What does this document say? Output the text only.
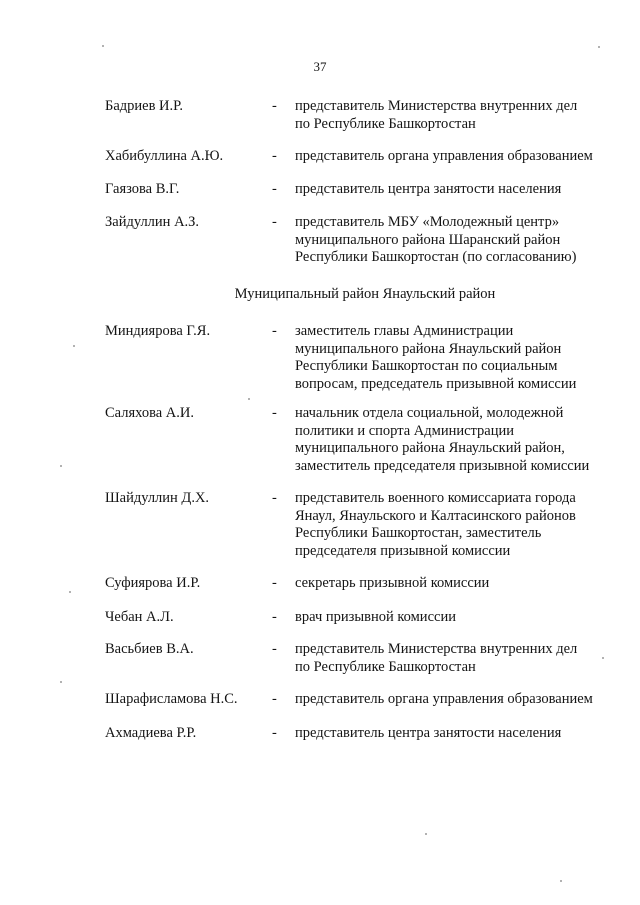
37
Бадриев И.Р.	- представитель Министерства внутренних дел
по Республике Башкортостан
Хабибуллина А.Ю.	- представитель органа управления образованием
Гаязова В.Г.	- представитель центра занятости населения
Зайдуллин А.З.	- представитель МБУ «Молодежный центр»
муниципального района Шаранский район
Республики Башкортостан (по согласованию)
Муниципальный район Янаульский район
Миндиярова Г.Я.	- заместитель главы Администрации
муниципального района Янаульский район
Республики Башкортостан по социальным
вопросам, председатель призывной комиссии
Саляхова А.И.	- начальник отдела социальной, молодежной
политики и спорта Администрации
муниципального района Янаульский район,
заместитель председателя призывной комиссии
Шайдуллин Д.Х.	- представитель военного комиссариата города
Янаул, Янаульского и Калтасинского районов
Республики Башкортостан, заместитель
председателя призывной комиссии
Суфиярова И.Р.	- секретарь призывной комиссии
Чебан А.Л.	- врач призывной комиссии
Васьбиев В.А.	- представитель Министерства внутренних дел
по Республике Башкортостан
Шарафисламова Н.С. - представитель органа управления образованием
Ахмадиева Р.Р.	- представитель центра занятости населения
